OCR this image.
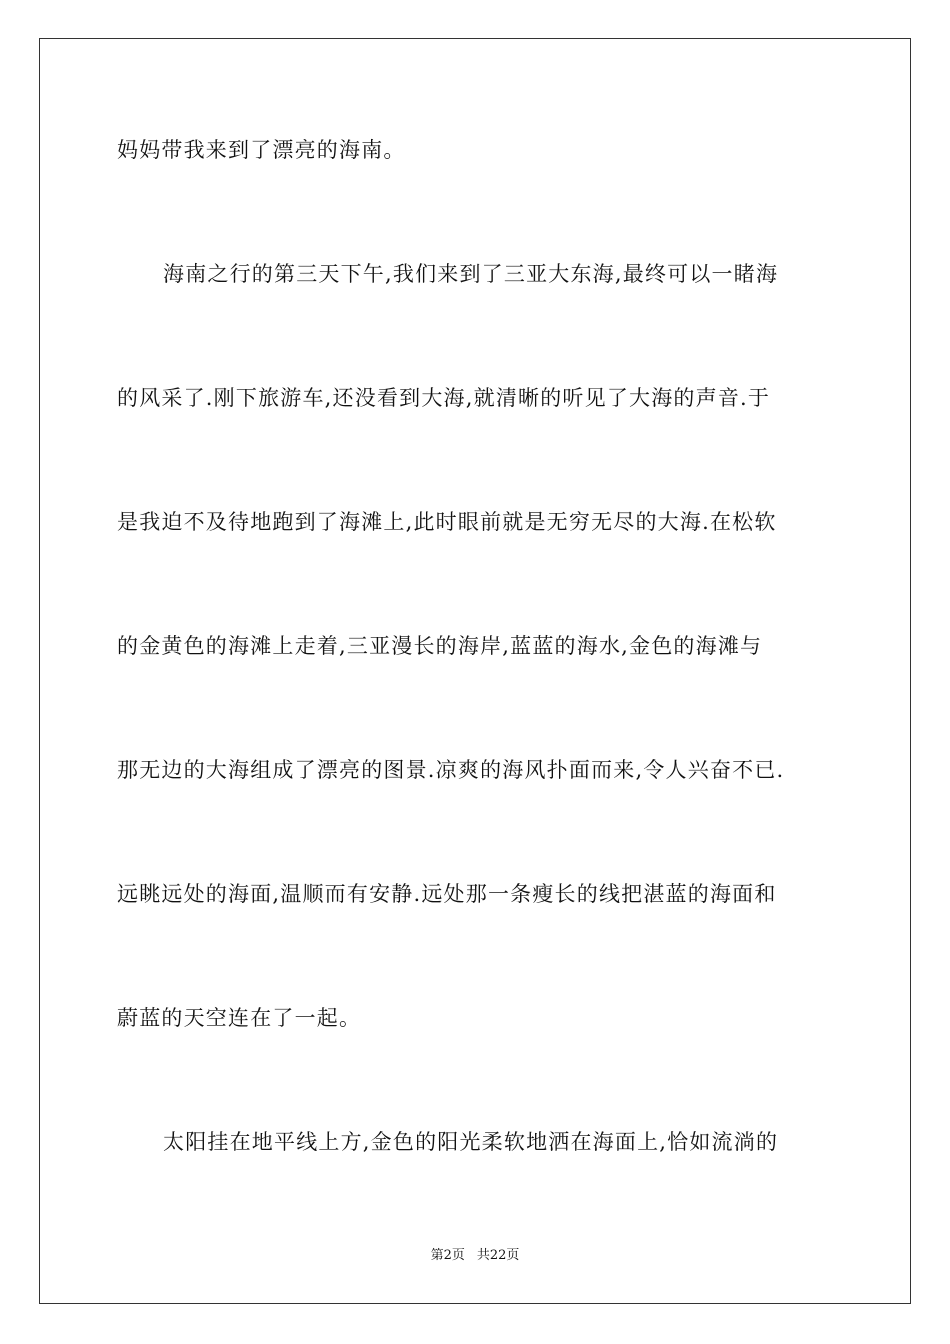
妈妈带我来到了漂亮的海南。
海南之行的第三天下午,我们来到了三亚大东海,最终可以一睹海
的风采了.刚下旅游车,还没看到大海,就清晰的听见了大海的声音.于
是我迫不及待地跑到了海滩上,此时眼前就是无穷无尽的大海.在松软
的金黄色的海滩上走着,三亚漫长的海岸,蓝蓝的海水,金色的海滩与
那无边的大海组成了漂亮的图景.凉爽的海风扑面而来,令人兴奋不已.
远眺远处的海面,温顺而有安静.远处那一条瘦长的线把湛蓝的海面和
蔚蓝的天空连在了一起。
太阳挂在地平线上方,金色的阳光柔软地洒在海面上,恰如流淌的
第2页 共22页
